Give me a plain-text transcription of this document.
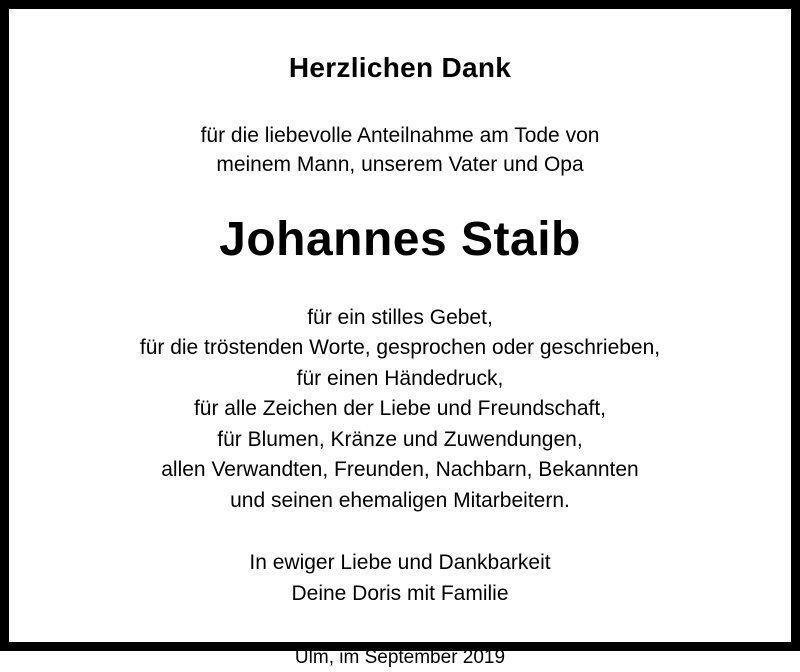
Herzlichen Dank
für die liebevolle Anteilnahme am Tode von
meinem Mann, unserem Vater und Opa
Johannes Staib
für ein stilles Gebet,
für die tröstenden Worte, gesprochen oder geschrieben,
für einen Händedruck,
für alle Zeichen der Liebe und Freundschaft,
für Blumen, Kränze und Zuwendungen,
allen Verwandten, Freunden, Nachbarn, Bekannten
und seinen ehemaligen Mitarbeitern.
In ewiger Liebe und Dankbarkeit
Deine Doris mit Familie
Ulm, im September 2019
